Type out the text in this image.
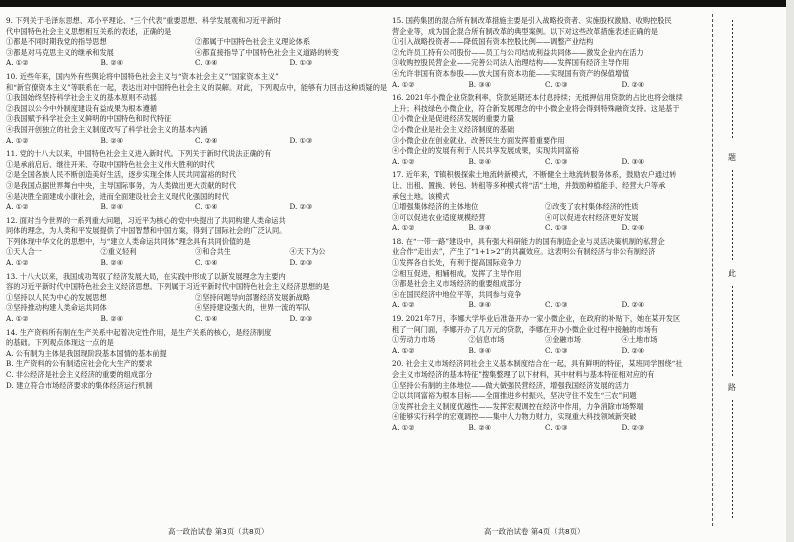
9. 下列关于毛泽东思想、邓小平理论、“三个代表”重要思想、科学发展观和习近平新时
代中国特色社会主义思想相互关系的表述，正确的是
①都是不同时期我党的指导思想	②都属于中国特色社会主义理论体系
③都是对马克思主义的继承和发展	④都直接指导了中国特色社会主义道路的转变
A. ①②	B. ②④	C. ③④	D. ①③
10. 近些年来，国内外有些舆论将中国特色社会主义与“资本社会主义”“国家资本主义”
和“新官僚资本主义”等联系在一起，表达出对中国特色社会主义的误解。对此，下列观点中，能够有力回击这种质疑的是
①我国始终坚持科学社会主义的基本原则不动摇
②我国以公今中外制度建设有益成果为根本遵循
③我国赋予科学社会主义鲜明的中国特色和时代特征
④我国开创独立的社会主义制度改写了科学社会主义的基本内涵
A. ①②	B. ②④	C. ②④	D. ①③
11. 党的十八大以来，中国特色社会主义进入新时代。下列关于新时代说法正确的有
①是承前启后、继往开来、夺取中国特色社会主义伟大胜利的时代
②是全国各族人民不断创造美好生活，逐步实现全体人民共同富裕的时代
③是我国点据世界舞台中央，主导国际事务，为人类做出更大贡献的时代
④是决胜全面建成小康社会，进而全面建设社会主义现代化强国的时代
A. ①②	B. ②④	C. ①④	D. ②③
12. 面对当今世界的一系列重大问题，习近平为核心的党中央提出了共同构建人类命运共
同体的理念，为人类和平发展提供了中国智慧和中国方案，得到了国际社会的广泛认同。
下列体现中华文化的思想中，与“建立人类命运共同体”理念具有共同价值的是
①天人合一	②重义轻利	③和合共生	④天下为公
A. ①②	B. ②④	C. ①④	D. ②③
13. 十八大以来，我国成功驾驭了经济发展大局，在实践中形成了以新发展理念为主要内
容的习近平新时代中国特色社会主义经济思想。下列属于习近平新时代中国特色社会主义经济思想的是
①坚持以人民为中心的发展思想	②坚持问题导向部署经济发展新战略
③坚持推动构建人类命运共同体	④坚持建设强大的，世界一流的军队
A. ①②	B. ②④	C. ①④	D. ②③
14. 生产资料所有制在生产关系中起着决定性作用，是生产关系的核心，是经济制度
的基础。下列观点体现这一点的是
A. 公有制为主体是我国现阶段基本国情的基本前提
B. 生产资料的公有制适应社会化大生产的要求
C. 非公经济是社会主义经济的重要的组成部分
D. 建立符合市场经济要求的集体经济运行机制
15. 国药集团的混合所有制改革措施主要是引入战略投资者、实施股权激励、收购控股民
营企业等，成为国企混合所有制改革的典型案例。以下对这些改革措施表述正确的是
①引入战略投资者——降低国有资本控股比例——调整产业结构
②允许员工持有公司股份——员工与公司结成利益共同体——激发企业内在活力
③收购控股民营企业——完善公司法人治理结构——发挥国有经济主导作用
④允许非国有资本参股——放大国有资本功能——实现国有资产的保值增值
A. ①②	B. ③④	C. ①③	D. ②④
16. 2021年小微企业贷款利率，贷款延期还本付息持续；无抵押信用贷款的占比也将会继续
上升；科技绿色小微企业，符合新发展理念的中小微企业将会得到特殊融资支持。这是基于
①小微企业是促进经济发展的重要力量
②小微企业是社会主义经济制度的基础
③小微企业在创业就业、改善民生方面发挥着重要作用
④小微企业的发展有利于人民共享发展成果，实现共同富裕
A. ①②	B. ②④	C. ①③	D. ③④
17. 近年来，T镇积极探索土地流转新模式，不断健全土地流转服务体系，鼓励农户通过转
让、出租、置换、转包、转租等多种模式将“活”土地，并鼓励种植能手、经营大户等承
承包土地。该模式
①增强集体经济的主体地位	②改变了农村集体经济的性质
③可以促进农业适度规模经营	④可以促进农村经济更好发展
A. ①②	B. ③④	C. ①③	D. ②④
18. 在“一带一路”建设中，具有强大科研能力的国有制造企业与灵活决策机制的私营企
业合作“走出去”，产生了“1+1>2”的共赢效应。这表明公有制经济与非公有制经济
①发挥各自长处，有利于提高国际竞争力
②相互促进，相辅相成，发挥了主导作用
③都是社会主义市场经济的重要组成部分
④在国民经济中地位平等，共同参与竞争
A. ①②	B. ③④	C. ①③	D. ②④
19. 2021年7月，李娜大学毕业后准备开办一家小微企业，在政府的补贴下，她在某开发区
租了一间门面，李娜开办了几万元的贷款，李娜在开办小微企业过程中接触的市场有
①劳动力市场	②信息市场	③金融市场	④土地市场
A. ①②	B. ③④	C. ①③	D. ②④
20. 社会主义市场经济同社会主义基本制度结合在一起，具有鲜明的特征，某班同学围绕“社
会主义市场经济的基本特征”搜集整理了以下材料，其中材料与基本特征相对应的有
①坚持公有制的主体地位——做大做强民营经济，增强我国经济发展的活力
②以共同富裕为根本目标——全面推进乡村振兴，坚决守住不发生“三农”问题
③发挥社会主义制度优越性——发挥宏观调控在经济中作用，力争消除市场弊端
④能够实行科学的宏观调控——集中人力物力财力，实现重大科技领域新突破
A. ①②	B. ②④	C. ①③	D. ②③
高一政治试卷 第3页（共8页）	高一政治试卷 第4页（共8页）
题
此
路
